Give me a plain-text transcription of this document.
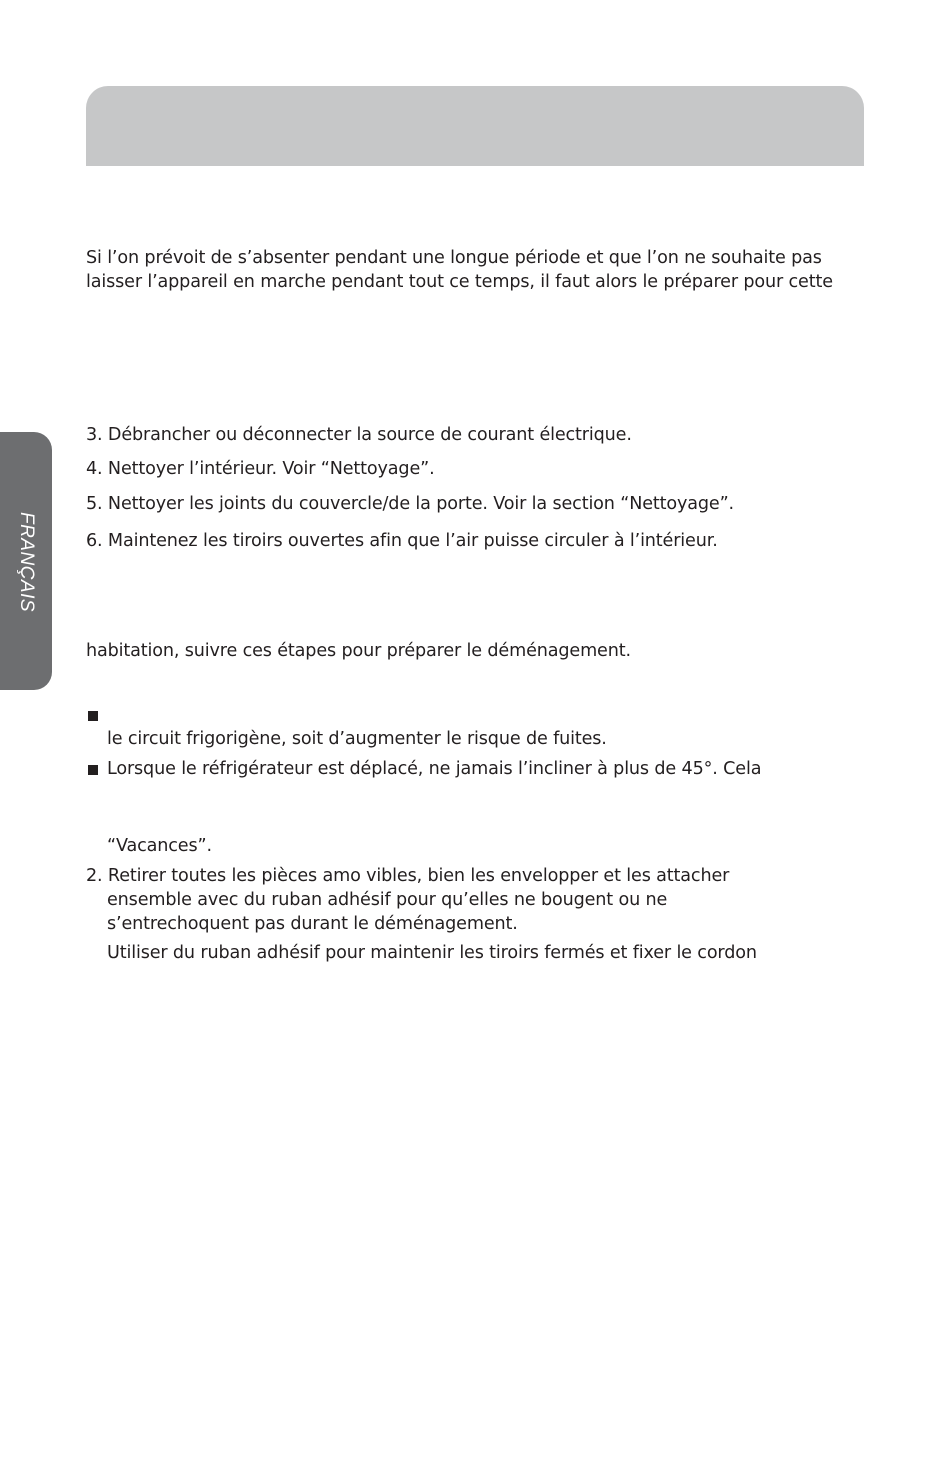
FRANÇAIS
Si l’on prévoit de s’absenter pendant une longue période et que l’on ne souhaite pas
laisser l’appareil en marche pendant tout ce temps, il faut alors le préparer pour cette
3. Débrancher ou déconnecter la source de courant électrique.
4. Nettoyer l’intérieur. Voir “Nettoyage”.
5. Nettoyer les joints du couvercle/de la porte. Voir la section “Nettoyage”.
6. Maintenez les tiroirs ouvertes afin que l’air puisse circuler à l’intérieur.
habitation, suivre ces étapes pour préparer le déménagement.
le circuit frigorigène, soit d’augmenter le risque de fuites.
Lorsque le réfrigérateur est déplacé, ne jamais l’incliner à plus de 45°. Cela
“Vacances”.
2. Retirer toutes les pièces amo vibles, bien les envelopper et les attacher
ensemble avec du ruban adhésif pour qu’elles ne bougent ou ne
s’entrechoquent pas durant le déménagement.
Utiliser du ruban adhésif pour maintenir les tiroirs fermés et fixer le cordon
